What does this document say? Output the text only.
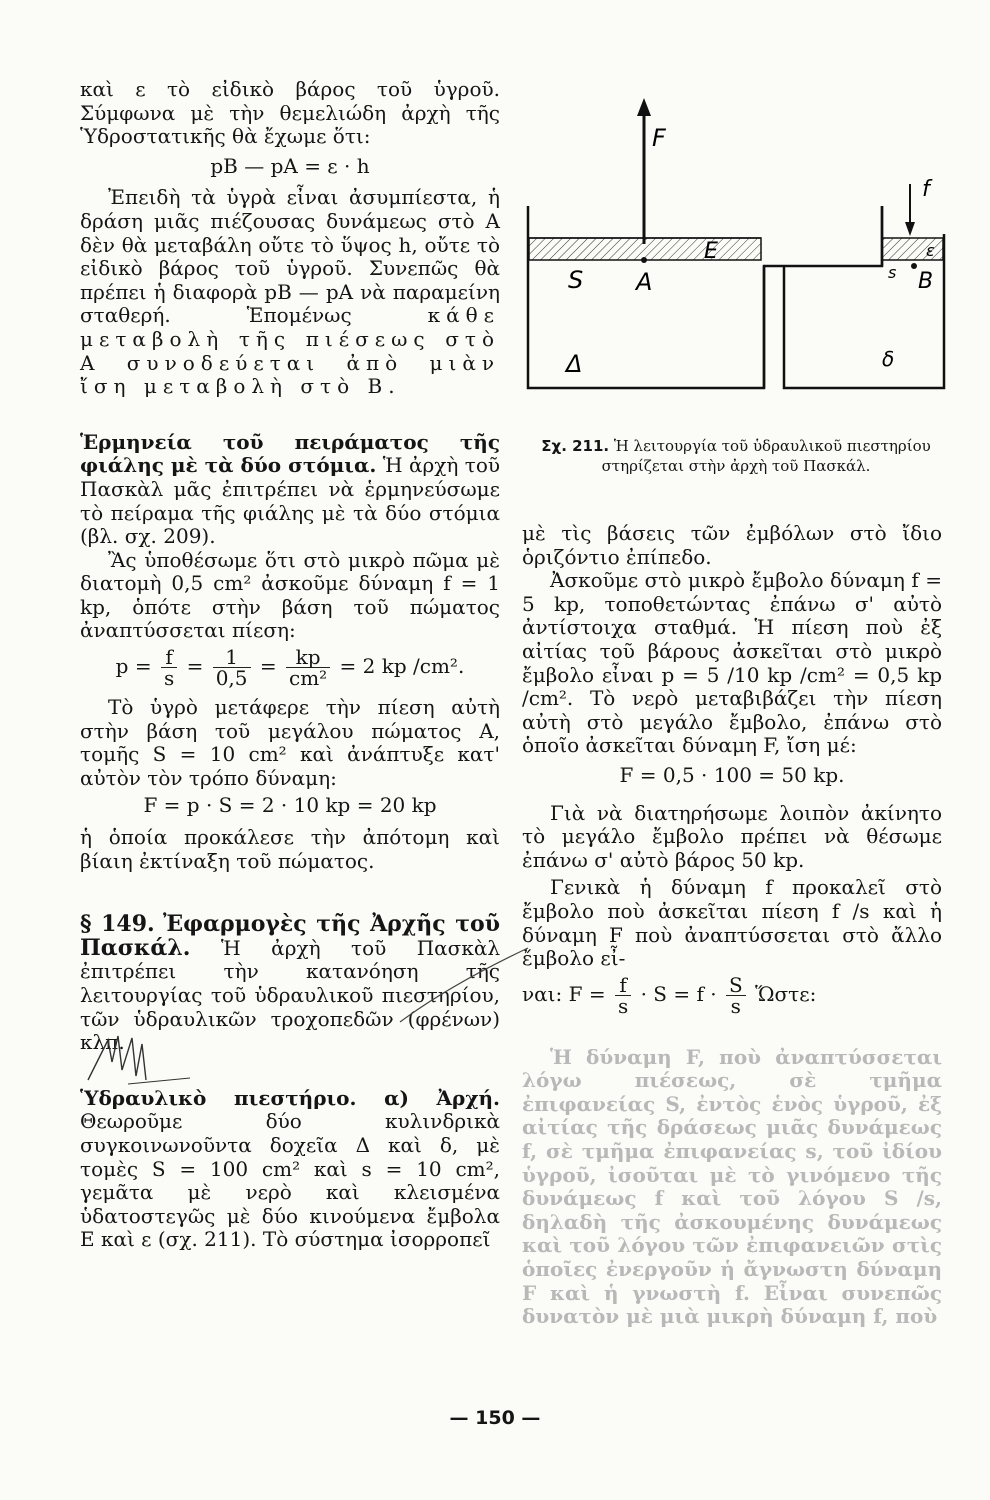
καὶ ε τὸ εἰδικὸ βάρος τοῦ ὑγροῦ. Σύμφωνα μὲ τὴν θεμελιώδη ἀρχὴ τῆς Ὑδροστατικῆς θὰ ἔχωμε ὅτι:

pB — pA = ε · h

Ἐπειδὴ τὰ ὑγρὰ εἶναι ἀσυμπίεστα, ἡ δράση μιᾶς πιέζουσας δυνάμεως στὸ A δὲν θὰ μεταβάλη οὔτε τὸ ὕψος h, οὔτε τὸ εἰδικὸ βάρος τοῦ ὑγροῦ. Συνεπῶς θὰ πρέπει ἡ διαφορὰ pB — pA νὰ παραμείνη σταθερή. Ἑπομένως	κάθε μεταβολὴ τῆς πιέσεως στὸ A συνοδεύεται ἀπὸ μιὰν ἴση μεταβολὴ στὸ B.

Ἑρμηνεία τοῦ πειράματος τῆς φιάλης μὲ τὰ δύο στόμια. Ἡ ἀρχὴ τοῦ Πασκὰλ μᾶς ἐπιτρέπει νὰ ἑρμηνεύσωμε τὸ πείραμα τῆς φιάλης μὲ τὰ δύο στόμια (βλ. σχ. 209).

Ἂς ὑποθέσωμε ὅτι στὸ μικρὸ πῶμα μὲ διατομὴ 0,5 cm² ἀσκοῦμε δύναμη f = 1 kp, ὁπότε στὴν βάση τοῦ πώματος ἀναπτύσσεται πίεση:

$p = \frac{f}{s} = \frac{1}{0,5} = \frac{kp}{\text{cm²}} = 2$ kp /cm².

Τὸ ὑγρὸ μετάφερε τὴν πίεση αὐτὴ στὴν βάση τοῦ μεγάλου πώματος A, τομῆς S = 10 cm² καὶ ἀνάπτυξε κατ' αὐτὸν τὸν τρόπο δύναμη:

F = p · S = 2 · 10 kp = 20 kp

ἡ ὁποία προκάλεσε τὴν ἀπότομη καὶ βίαιη ἐκτίναξη τοῦ πώματος.

§ 149. Ἐφαρμογὲς τῆς Ἀρχῆς τοῦ Πασκάλ. Ἡ ἀρχὴ τοῦ Πασκὰλ ἐπιτρέπει τὴν κατανόηση τῆς λειτουργίας τοῦ ὑδραυλικοῦ πιεστηρίου, τῶν ὑδραυλικῶν τροχοπεδῶν (φρένων) κλπ.

Ὑδραυλικὸ πιεστήριο. α) Ἀρχή. Θεωροῦμε δύο κυλινδρικὰ συγκοινωνοῦντα δοχεῖα Δ καὶ δ, μὲ τομὲς S = 100 cm² καὶ s = 10 cm², γεμᾶτα μὲ νερὸ καὶ κλεισμένα ὑδατοστεγῶς μὲ δύο κινούμενα ἔμβολα E καὶ ε (σχ. 211). Τὸ σύστημα ἰσορροπεῖ

F
f
E	ε
S A	s B
Δ	δ
Σχ. 211. Ἡ λειτουργία τοῦ ὑδραυλικοῦ πιεστηρίου στηρίζεται στὴν ἀρχὴ τοῦ Πασκάλ.

μὲ τὶς βάσεις τῶν ἐμβόλων στὸ ἴδιο ὁριζόντιο ἐπίπεδο.

Ἀσκοῦμε στὸ μικρὸ ἔμβολο δύναμη f = 5 kp, τοποθετώντας ἐπάνω σ' αὐτὸ ἀντίστοιχα σταθμά. Ἡ πίεση ποὺ ἐξ αἰτίας τοῦ βάρους ἀσκεῖται στὸ μικρὸ ἔμβολο εἶναι p = 5 /10 kp /cm² = 0,5 kp /cm². Τὸ νερὸ μεταβιβάζει τὴν πίεση αὐτὴ στὸ μεγάλο ἔμβολο, ἐπάνω στὸ ὁποῖο ἀσκεῖται δύναμη F, ἴση μέ:

F = 0,5 · 100 = 50 kp.

Γιὰ νὰ διατηρήσωμε λοιπὸν ἀκίνητο τὸ μεγάλο ἔμβολο πρέπει νὰ θέσωμε ἐπάνω σ' αὐτὸ βάρος 50 kp.

Γενικὰ ἡ δύναμη f προκαλεῖ στὸ ἔμβολο ποὺ ἀσκεῖται πίεση f /s καὶ ἡ δύναμη F ποὺ ἀναπτύσσεται στὸ ἄλλο ἔμβολο εἶ-

ναι: $F = \frac{f}{s} \cdot S = f \cdot \frac{S}{s}$ Ὥστε:

Ἡ δύναμη F, ποὺ ἀναπτύσσεται λόγω πιέσεως, σὲ τμῆμα ἐπιφανείας S, ἐντὸς ἑνὸς ὑγροῦ, ἐξ αἰτίας τῆς δράσεως μιᾶς δυνάμεως f, σὲ τμῆμα ἐπιφανείας s, τοῦ ἰδίου ὑγροῦ, ἰσοῦται μὲ τὸ γινόμενο τῆς δυνάμεως f καὶ τοῦ λόγου S /s, δηλαδὴ τῆς ἀσκουμένης δυνάμεως καὶ τοῦ λόγου τῶν ἐπιφανειῶν στὶς ὁποῖες ἐνεργοῦν ἡ ἄγνωστη δύναμη F καὶ ἡ γνωστὴ f. Εἶναι συνεπῶς δυνατὸν μὲ μιὰ μικρὴ δύναμη f, ποὺ

— 150 —
